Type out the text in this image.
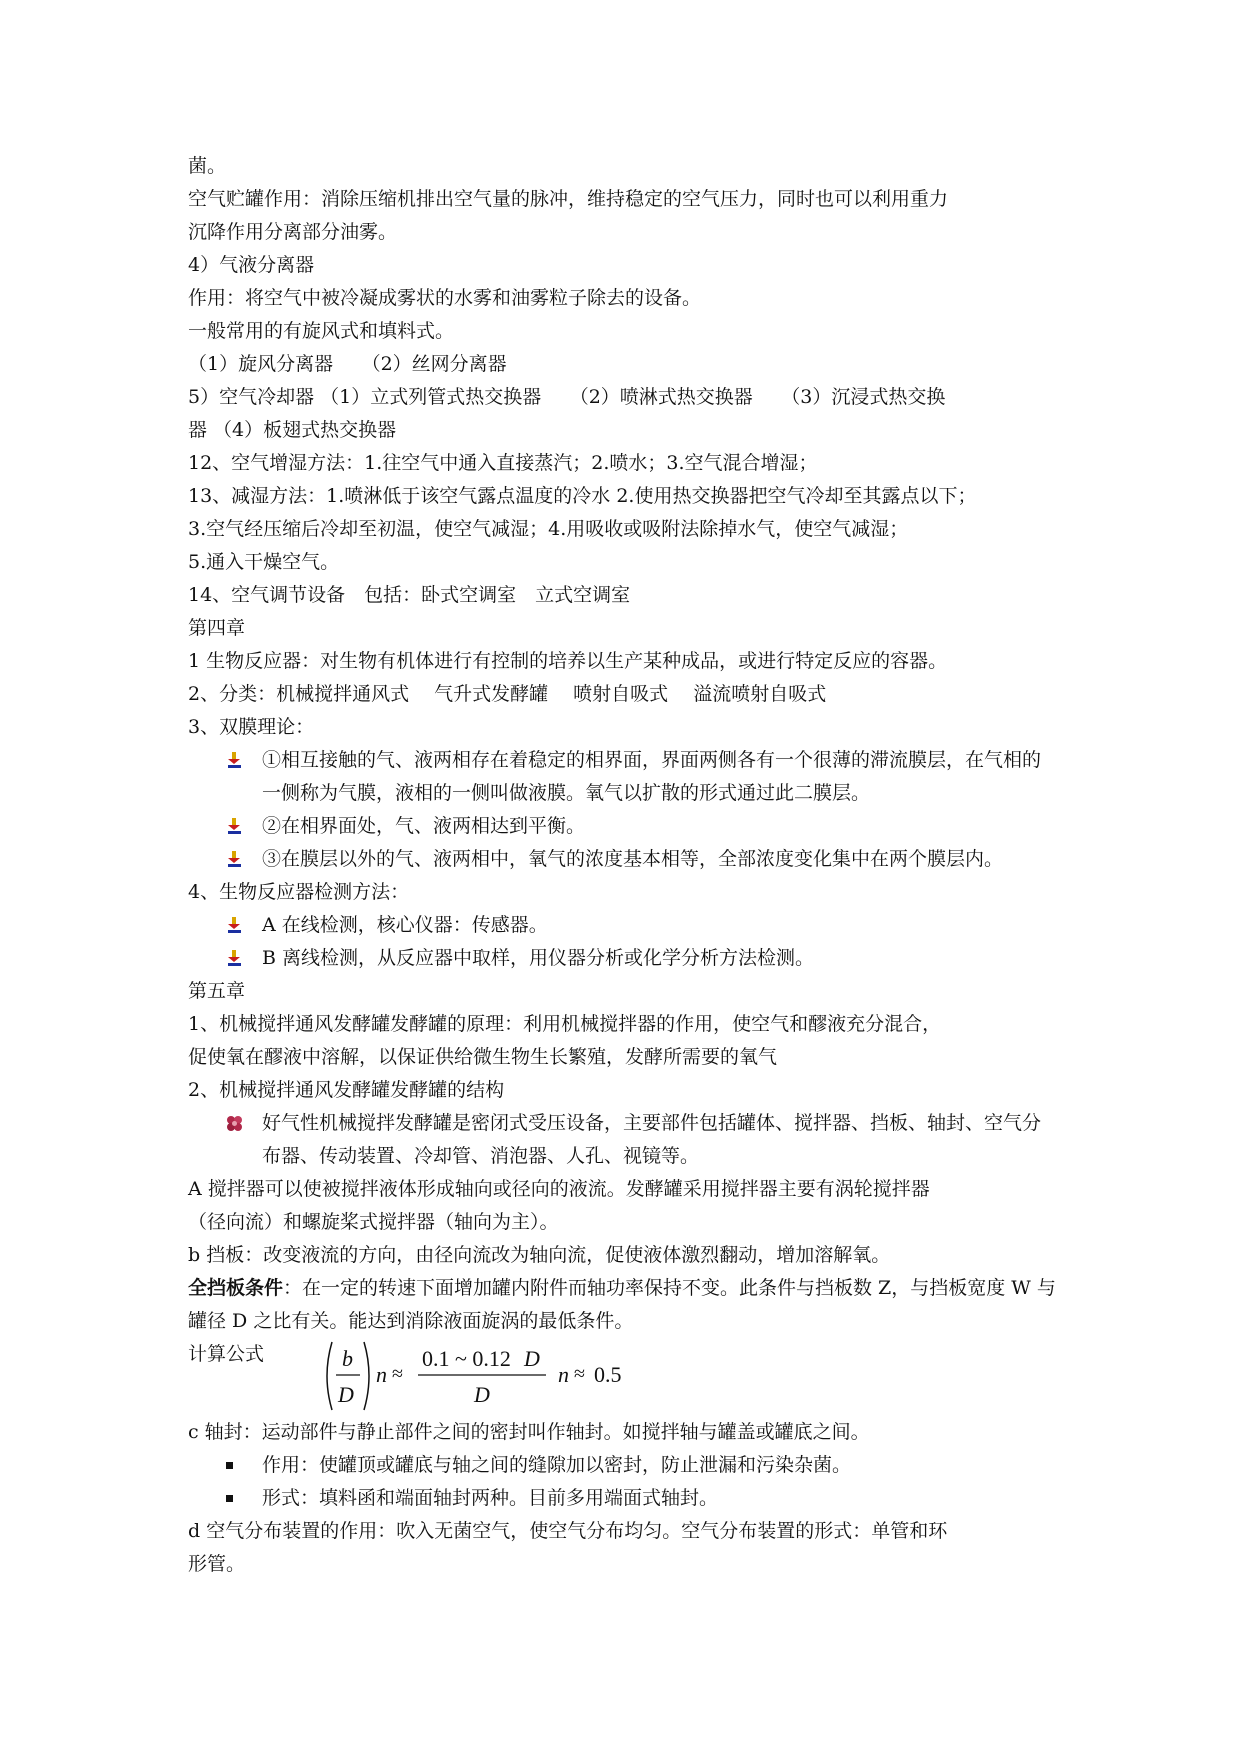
菌。

空气贮罐作用：消除压缩机排出空气量的脉冲，维持稳定的空气压力，同时也可以利用重力

沉降作用分离部分油雾。

4）气液分离器

作用：将空气中被冷凝成雾状的水雾和油雾粒子除去的设备。

一般常用的有旋风式和填料式。

（1）旋风分离器　　（2）丝网分离器

5）空气冷却器 （1）立式列管式热交换器　　（2）喷淋式热交换器　　（3）沉浸式热交换

器 （4）板翅式热交换器

12、空气增湿方法：1.往空气中通入直接蒸汽；2.喷水；3.空气混合增湿；

13、减湿方法：1.喷淋低于该空气露点温度的冷水 2.使用热交换器把空气冷却至其露点以下；

3.空气经压缩后冷却至初温，使空气减湿；4.用吸收或吸附法除掉水气，使空气减湿；

5.通入干燥空气。

14、空气调节设备　包括：卧式空调室　立式空调室

第四章

1 生物反应器：对生物有机体进行有控制的培养以生产某种成品，或进行特定反应的容器。

2、分类：机械搅拌通风式　 气升式发酵罐　 喷射自吸式　 溢流喷射自吸式

3、双膜理论：

①相互接触的气、液两相存在着稳定的相界面，界面两侧各有一个很薄的滞流膜层，在气相的一侧称为气膜，液相的一侧叫做液膜。氧气以扩散的形式通过此二膜层。

②在相界面处，气、液两相达到平衡。

③在膜层以外的气、液两相中，氧气的浓度基本相等，全部浓度变化集中在两个膜层内。

4、生物反应器检测方法：

A 在线检测，核心仪器：传感器。

B 离线检测，从反应器中取样，用仪器分析或化学分析方法检测。

第五章

1、机械搅拌通风发酵罐发酵罐的原理：利用机械搅拌器的作用，使空气和醪液充分混合，

促使氧在醪液中溶解，以保证供给微生物生长繁殖，发酵所需要的氧气

2、机械搅拌通风发酵罐发酵罐的结构

好气性机械搅拌发酵罐是密闭式受压设备，主要部件包括罐体、搅拌器、挡板、轴封、空气分布器、传动装置、冷却管、消泡器、人孔、视镜等。

A 搅拌器可以使被搅拌液体形成轴向或径向的液流。发酵罐采用搅拌器主要有涡轮搅拌器

（径向流）和螺旋桨式搅拌器（轴向为主）。

b 挡板：改变液流的方向，由径向流改为轴向流，促使液体激烈翻动，增加溶解氧。

全挡板条件：在一定的转速下面增加罐内附件而轴功率保持不变。此条件与挡板数 Z，与挡板宽度 W 与罐径 D 之比有关。能达到消除液面旋涡的最低条件。

计算公式	b
D
n ≈
0.1 ~ 0.12 D
D
n ≈ 0.5

c 轴封：运动部件与静止部件之间的密封叫作轴封。如搅拌轴与罐盖或罐底之间。

作用：使罐顶或罐底与轴之间的缝隙加以密封，防止泄漏和污染杂菌。

形式：填料函和端面轴封两种。目前多用端面式轴封。

d 空气分布装置的作用：吹入无菌空气，使空气分布均匀。空气分布装置的形式：单管和环

形管。
